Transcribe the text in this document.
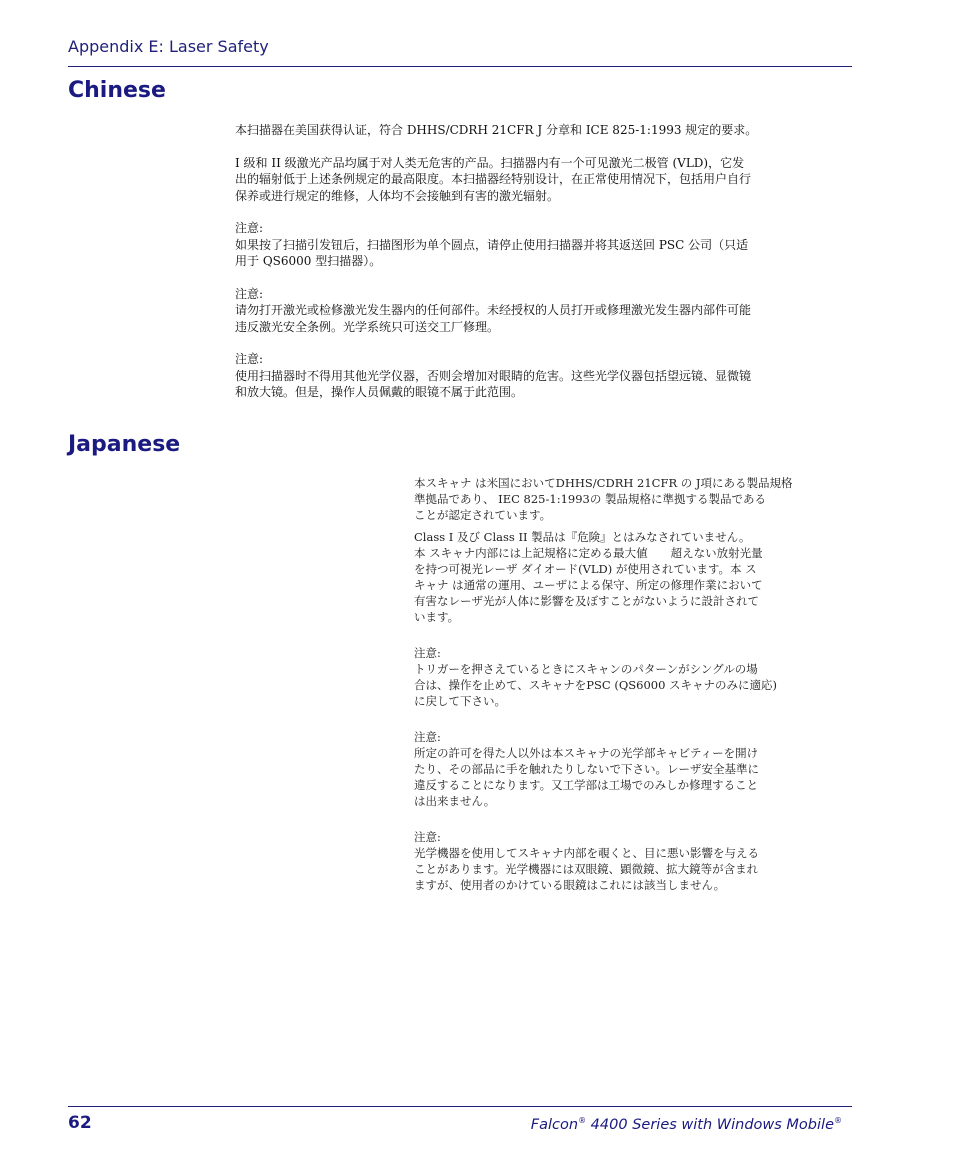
Appendix E: Laser Safety
Chinese

本扫描器在美国获得认证，符合 DHHS/CDRH 21CFR J 分章和 ICE 825-1:1993 规定的要求。

I 级和 II 级激光产品均属于对人类无危害的产品。扫描器内有一个可见激光二极管 (VLD)，它发
出的辐射低于上述条例规定的最高限度。本扫描器经特别设计，在正常使用情况下，包括用户自行
保养或进行规定的维修，人体均不会接触到有害的激光辐射。

注意:
如果按了扫描引发钮后，扫描图形为单个圆点，请停止使用扫描器并将其返送回 PSC 公司（只适
用于 QS6000 型扫描器）。

注意:
请勿打开激光或检修激光发生器内的任何部件。未经授权的人员打开或修理激光发生器内部件可能
违反激光安全条例。光学系统只可送交工厂修理。

注意:
使用扫描器时不得用其他光学仪器，否则会增加对眼睛的危害。这些光学仪器包括望远镜、显微镜
和放大镜。但是，操作人员佩戴的眼镜不属于此范围。

Japanese

本スキャナ は米国においてDHHS/CDRH 21CFR の J項にある製品規格
準拠品であり、 IEC 825-1:1993の 製品規格に準拠する製品である
ことが認定されています。

Class I 及び Class II 製品は『危険』とはみなされていません。
本 スキャナ内部には上記規格に定める最大値　　超えない放射光量
を持つ可視光レーザ ダイオード(VLD) が使用されています。本 ス
キャナ は通常の運用、ユーザによる保守、所定の修理作業において
有害なレーザ光が人体に影響を及ぼすことがないように設計されて
います。

注意:
トリガーを押さえているときにスキャンのパターンがシングルの場
合は、操作を止めて、スキャナをPSC (QS6000 スキャナのみに適応)
に戻して下さい。

注意:
所定の許可を得た人以外は本スキャナの光学部キャビティーを開け
たり、その部品に手を触れたりしないで下さい。レーザ安全基準に
違反することになります。又工学部は工場でのみしか修理すること
は出来ません。

注意:
光学機器を使用してスキャナ内部を覗くと、目に悪い影響を与える
ことがあります。光学機器には双眼鏡、顕微鏡、拡大鏡等が含まれ
ますが、使用者のかけている眼鏡はこれには該当しません。

62	Falcon® 4400 Series with Windows Mobile®
